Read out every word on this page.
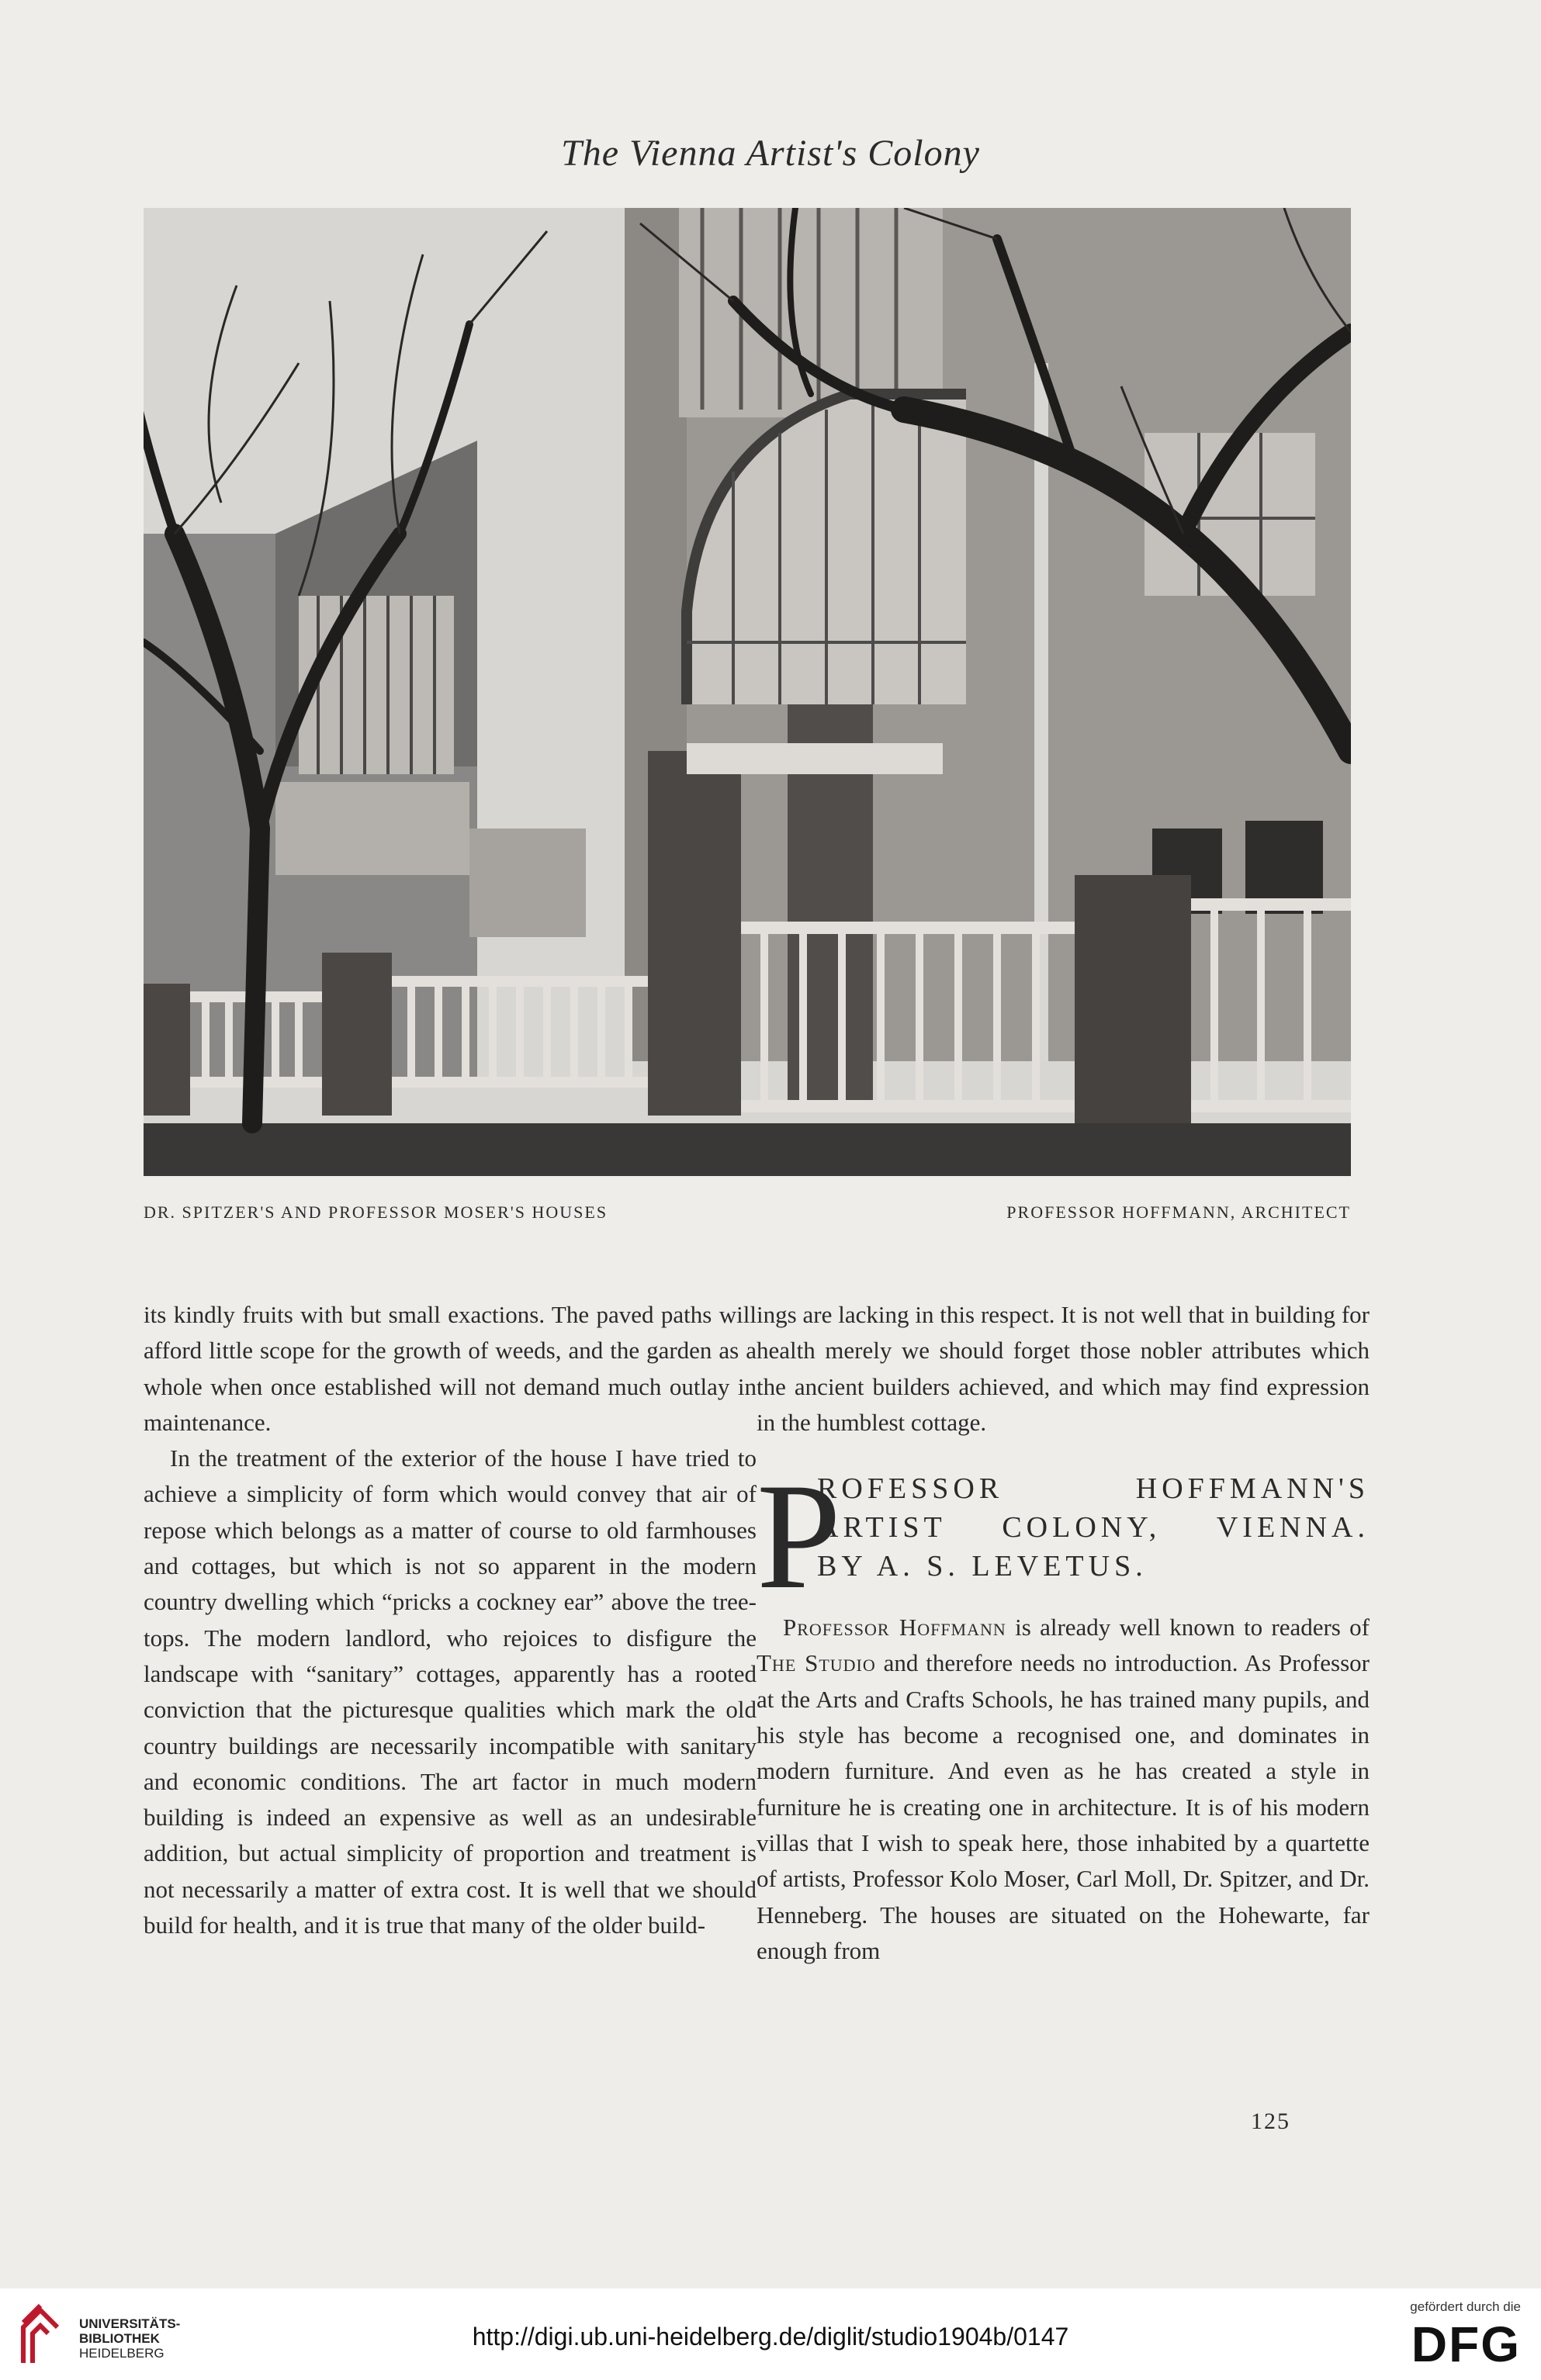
The Vienna Artist's Colony
DR. SPITZER'S AND PROFESSOR MOSER'S HOUSES	PROFESSOR HOFFMANN, ARCHITECT

its kindly fruits with but small exactions. The paved paths will afford little scope for the growth of weeds, and the garden as a whole when once established will not demand much outlay in maintenance.

In the treatment of the exterior of the house I have tried to achieve a simplicity of form which would convey that air of repose which belongs as a matter of course to old farmhouses and cottages, but which is not so apparent in the modern country dwelling which “pricks a cockney ear” above the tree-tops. The modern landlord, who rejoices to disfigure the landscape with “sanitary” cottages, apparently has a rooted conviction that the picturesque qualities which mark the old country buildings are necessarily incompatible with sanitary and economic conditions. The art factor in much modern building is indeed an expensive as well as an undesirable addition, but actual simplicity of proportion and treatment is not necessarily a matter of extra cost. It is well that we should build for health, and it is true that many of the older build-

ings are lacking in this respect. It is not well that in building for health merely we should forget those nobler attributes which the ancient builders achieved, and which may find expression in the humblest cottage.

P
ROFESSOR HOFFMANN'S
ARTIST COLONY, VIENNA.
BY A. S. LEVETUS.

Professor Hoffmann is already well known to readers of The Studio and therefore needs no introduction. As Professor at the Arts and Crafts Schools, he has trained many pupils, and his style has become a recognised one, and dominates in modern furniture. And even as he has created a style in furniture he is creating one in architecture. It is of his modern villas that I wish to speak here, those inhabited by a quartette of artists, Professor Kolo Moser, Carl Moll, Dr. Spitzer, and Dr. Henneberg. The houses are situated on the Hohewarte, far enough from

125
UNIVERSITÄTS-
BIBLIOTHEK
HEIDELBERG
http://digi.ub.uni-heidelberg.de/diglit/studio1904b/0147
gefördert durch die
DFG
